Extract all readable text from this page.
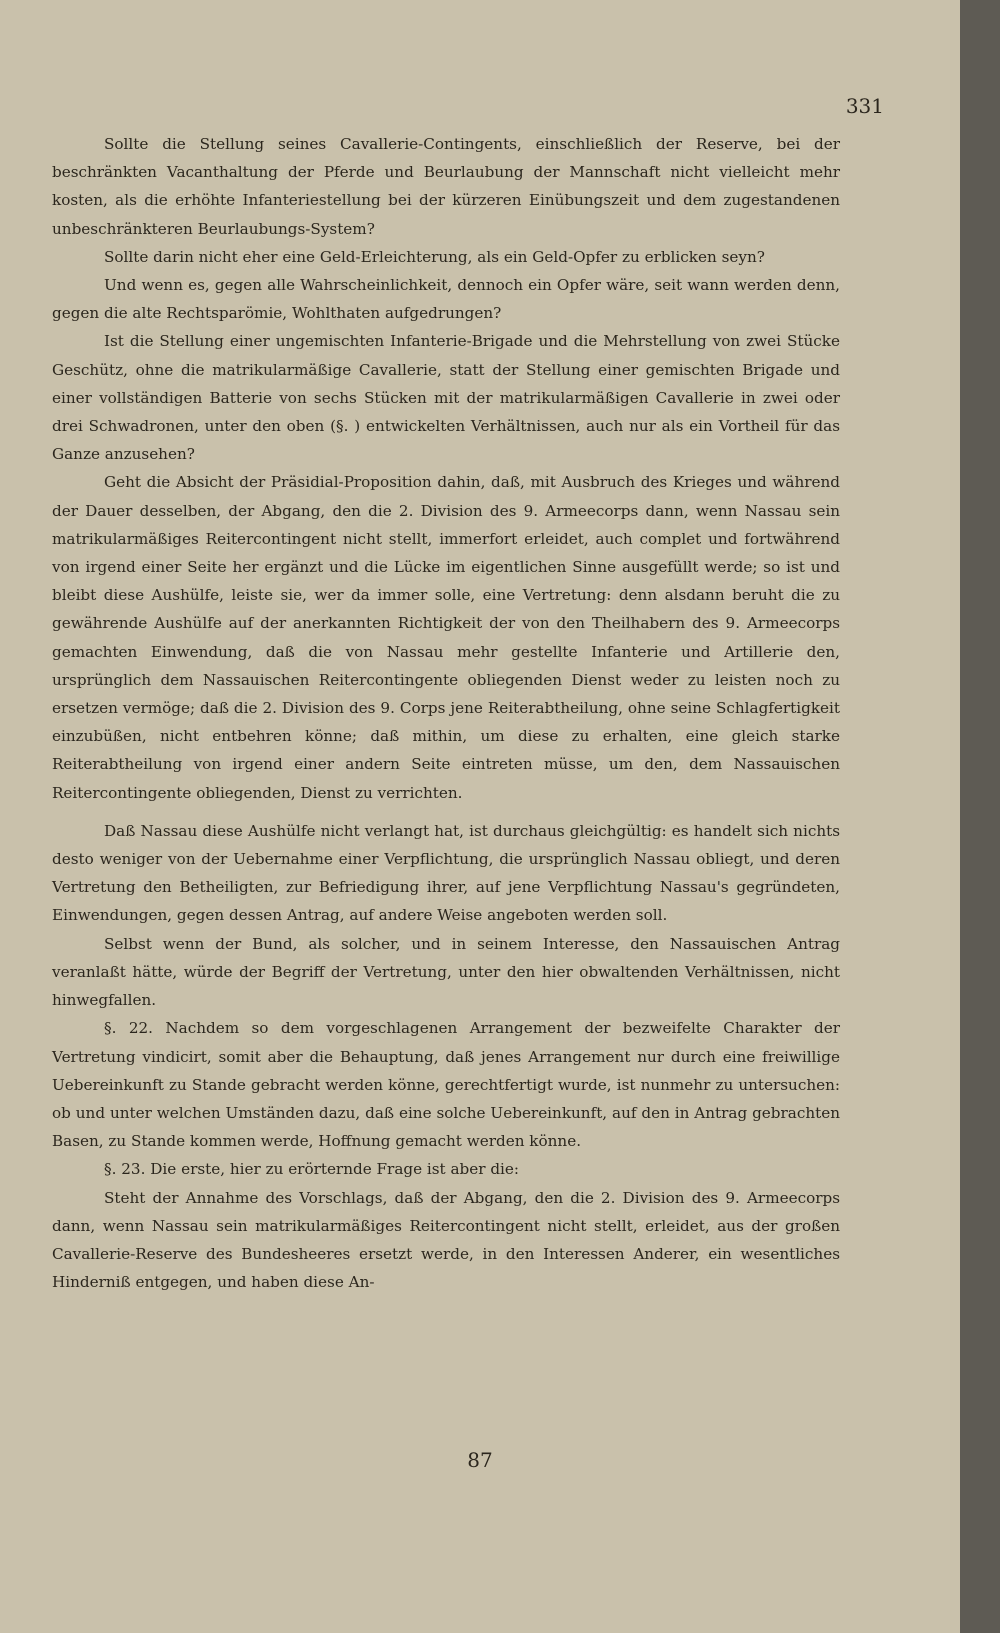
331

Sollte die Stellung seines Cavallerie-Contingents, einschließlich der Reserve, bei der beschränkten Vacanthaltung der Pferde und Beurlaubung der Mannschaft nicht vielleicht mehr kosten, als die erhöhte Infanteriestellung bei der kürzeren Einübungszeit und dem zugestandenen unbeschränkteren Beurlaubungs-System?

Sollte darin nicht eher eine Geld-Erleichterung, als ein Geld-Opfer zu erblicken seyn?

Und wenn es, gegen alle Wahrscheinlichkeit, dennoch ein Opfer wäre, seit wann werden denn, gegen die alte Rechtsparömie, Wohlthaten aufgedrungen?

Ist die Stellung einer ungemischten Infanterie-Brigade und die Mehrstellung von zwei Stücke Geschütz, ohne die matrikularmäßige Cavallerie, statt der Stellung einer gemischten Brigade und einer vollständigen Batterie von sechs Stücken mit der matrikularmäßigen Cavallerie in zwei oder drei Schwadronen, unter den oben (§. ) entwickelten Verhältnissen, auch nur als ein Vortheil für das Ganze anzusehen?

Geht die Absicht der Präsidial-Proposition dahin, daß, mit Ausbruch des Krieges und während der Dauer desselben, der Abgang, den die 2. Division des 9. Armeecorps dann, wenn Nassau sein matrikularmäßiges Reitercontingent nicht stellt, immerfort erleidet, auch complet und fortwährend von irgend einer Seite her ergänzt und die Lücke im eigentlichen Sinne ausgefüllt werde; so ist und bleibt diese Aushülfe, leiste sie, wer da immer solle, eine Vertretung: denn alsdann beruht die zu gewährende Aushülfe auf der anerkannten Richtigkeit der von den Theilhabern des 9. Armeecorps gemachten Einwendung, daß die von Nassau mehr gestellte Infanterie und Artillerie den, ursprünglich dem Nassauischen Reitercontingente obliegenden Dienst weder zu leisten noch zu ersetzen vermöge; daß die 2. Division des 9. Corps jene Reiterabtheilung, ohne seine Schlagfertigkeit einzubüßen, nicht entbehren könne; daß mithin, um diese zu erhalten, eine gleich starke Reiterabtheilung von irgend einer andern Seite eintreten müsse, um den, dem Nassauischen Reitercontingente obliegenden, Dienst zu verrichten.

Daß Nassau diese Aushülfe nicht verlangt hat, ist durchaus gleichgültig: es handelt sich nichts desto weniger von der Uebernahme einer Verpflichtung, die ursprünglich Nassau obliegt, und deren Vertretung den Betheiligten, zur Befriedigung ihrer, auf jene Verpflichtung Nassau's gegründeten, Einwendungen, gegen dessen Antrag, auf andere Weise angeboten werden soll.

Selbst wenn der Bund, als solcher, und in seinem Interesse, den Nassauischen Antrag veranlaßt hätte, würde der Begriff der Vertretung, unter den hier obwaltenden Verhältnissen, nicht hinwegfallen.

§. 22. Nachdem so dem vorgeschlagenen Arrangement der bezweifelte Charakter der Vertretung vindicirt, somit aber die Behauptung, daß jenes Arrangement nur durch eine freiwillige Uebereinkunft zu Stande gebracht werden könne, gerechtfertigt wurde, ist nunmehr zu untersuchen: ob und unter welchen Umständen dazu, daß eine solche Uebereinkunft, auf den in Antrag gebrachten Basen, zu Stande kommen werde, Hoffnung gemacht werden könne.

§. 23. Die erste, hier zu erörternde Frage ist aber die:

Steht der Annahme des Vorschlags, daß der Abgang, den die 2. Division des 9. Armeecorps dann, wenn Nassau sein matrikularmäßiges Reitercontingent nicht stellt, erleidet, aus der großen Cavallerie-Reserve des Bundesheeres ersetzt werde, in den Interessen Anderer, ein wesentliches Hinderniß entgegen, und haben diese An-

87
